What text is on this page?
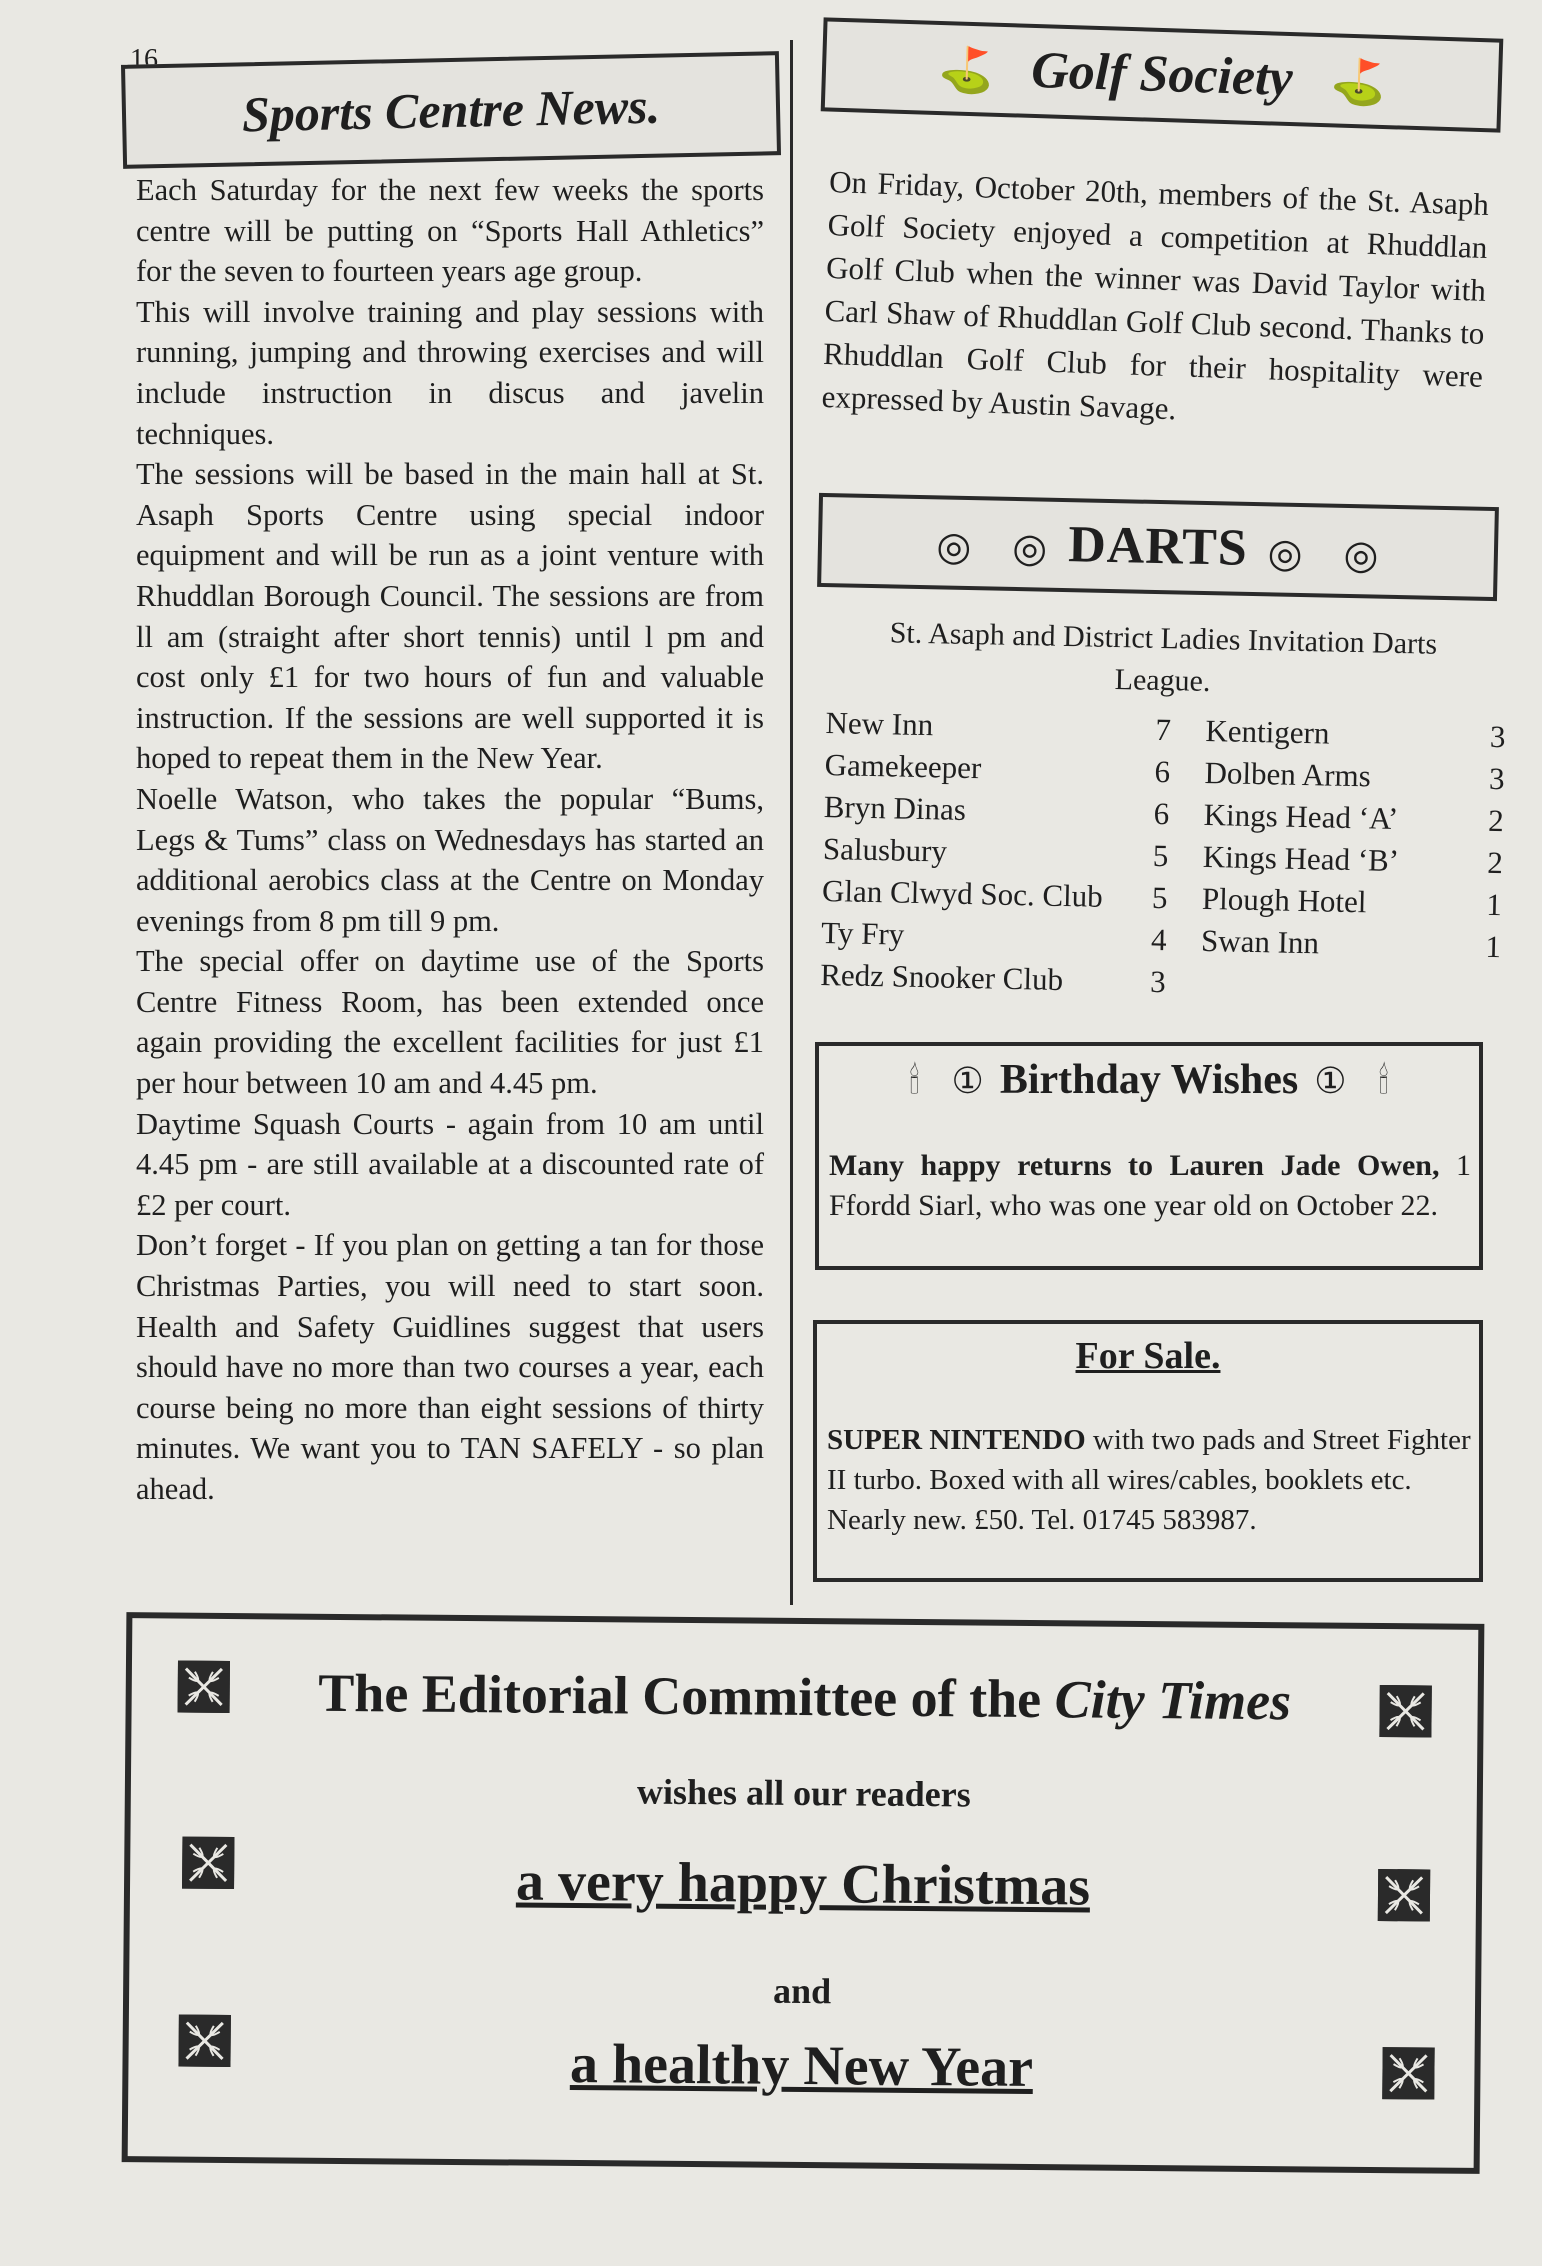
16
Sports Centre News.

Each Saturday for the next few weeks the sports centre will be putting on “Sports Hall Athletics” for the seven to fourteen years age group.

This will involve training and play sessions with running, jumping and throwing exercises and will include instruction in discus and javelin techniques.

The sessions will be based in the main hall at St. Asaph Sports Centre using special indoor equipment and will be run as a joint venture with Rhuddlan Borough Council. The sessions are from ll am (straight after short tennis) until l pm and cost only £1 for two hours of fun and valuable instruction. If the sessions are well supported it is hoped to repeat them in the New Year.

Noelle Watson, who takes the popular “Bums, Legs & Tums” class on Wednesdays has started an additional aerobics class at the Centre on Monday evenings from 8 pm till 9 pm.

The special offer on daytime use of the Sports Centre Fitness Room, has been extended once again providing the excellent facilities for just £1 per hour between 10 am and 4.45 pm.

Daytime Squash Courts - again from 10 am until 4.45 pm - are still available at a discounted rate of £2 per court.

Don’t forget - If you plan on getting a tan for those Christmas Parties, you will need to start soon. Health and Safety Guidlines suggest that users should have no more than two courses a year, each course being no more than eight sessions of thirty minutes. We want you to TAN SAFELY - so plan ahead.

⛳ Golf Society ⛳

On Friday, October 20th, members of the St. Asaph Golf Society enjoyed a competition at Rhuddlan Golf Club when the winner was David Taylor with Carl Shaw of Rhuddlan Golf Club second. Thanks to Rhuddlan Golf Club for their hospitality were expressed by Austin Savage.

◎ ◎ DARTS ◎ ◎
St. Asaph and District Ladies Invitation Darts League.
New Inn	7	Kentigern	3
Gamekeeper	6	Dolben Arms	3
Bryn Dinas	6	Kings Head ‘A’	2
Salusbury	5	Kings Head ‘B’	2
Glan Clwyd Soc. Club	5	Plough Hotel	1
Ty Fry	4	Swan Inn	1
Redz Snooker Club	3		
🕯 ① Birthday Wishes ① 🕯
Many happy returns to Lauren Jade Owen, 1 Ffordd Siarl, who was one year old on October 22.
For Sale.
SUPER NINTENDO with two pads and Street Fighter II turbo. Boxed with all wires/cables, booklets etc. Nearly new. £50. Tel. 01745 583987.
The Editorial Committee of the City Times
wishes all our readers
a very happy Christmas
and
a healthy New Year
